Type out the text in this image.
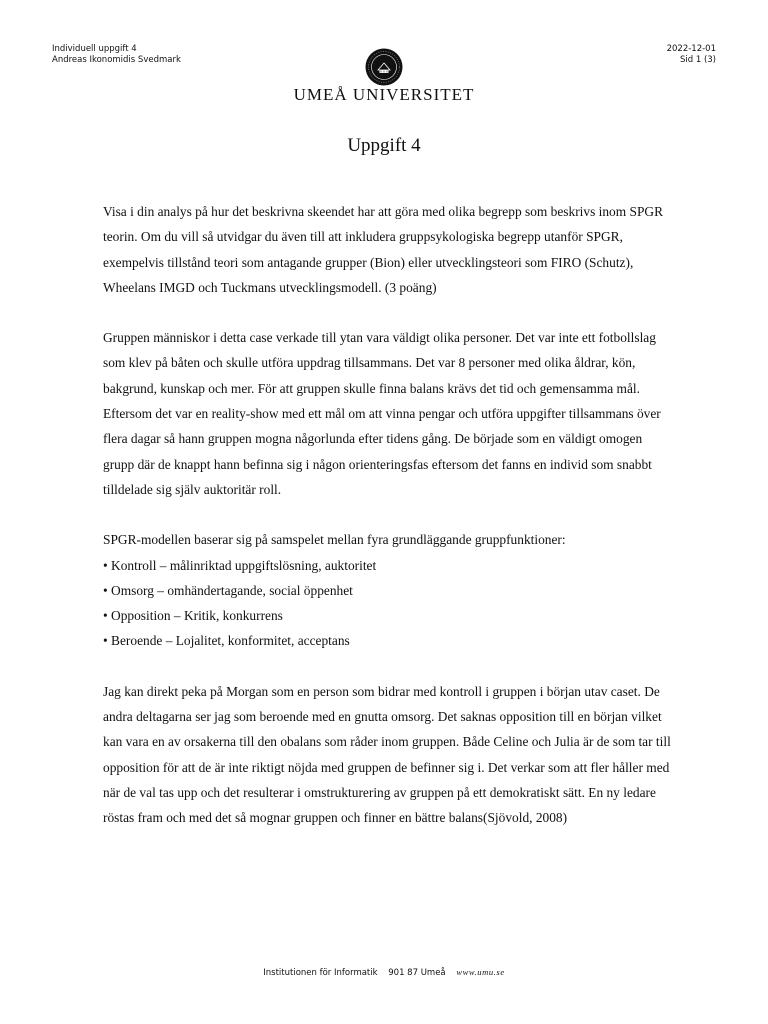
Individuell uppgift 4
Andreas Ikonomidis Svedmark
2022-12-01
Sid 1 (3)
UMEÅ UNIVERSITET
Uppgift 4

Visa i din analys på hur det beskrivna skeendet har att göra med olika begrepp som beskrivs inom SPGR teorin. Om du vill så utvidgar du även till att inkludera gruppsykologiska begrepp utanför SPGR, exempelvis tillstånd teori som antagande grupper (Bion) eller utvecklingsteori som FIRO (Schutz), Wheelans IMGD och Tuckmans utvecklingsmodell. (3 poäng)

Gruppen människor i detta case verkade till ytan vara väldigt olika personer. Det var inte ett fotbollslag som klev på båten och skulle utföra uppdrag tillsammans. Det var 8 personer med olika åldrar, kön, bakgrund, kunskap och mer. För att gruppen skulle finna balans krävs det tid och gemensamma mål. Eftersom det var en reality-show med ett mål om att vinna pengar och utföra uppgifter tillsammans över flera dagar så hann gruppen mogna någorlunda efter tidens gång. De började som en väldigt omogen grupp där de knappt hann befinna sig i någon orienteringsfas eftersom det fanns en individ som snabbt tilldelade sig själv auktoritär roll.

SPGR-modellen baserar sig på samspelet mellan fyra grundläggande gruppfunktioner:

• Kontroll – målinriktad uppgiftslösning, auktoritet
• Omsorg – omhändertagande, social öppenhet
• Opposition – Kritik, konkurrens
• Beroende – Lojalitet, konformitet, acceptans

Jag kan direkt peka på Morgan som en person som bidrar med kontroll i gruppen i början utav caset. De andra deltagarna ser jag som beroende med en gnutta omsorg. Det saknas opposition till en början vilket kan vara en av orsakerna till den obalans som råder inom gruppen. Både Celine och Julia är de som tar till opposition för att de är inte riktigt nöjda med gruppen de befinner sig i. Det verkar som att fler håller med när de val tas upp och det resulterar i omstrukturering av gruppen på ett demokratiskt sätt. En ny ledare röstas fram och med det så mognar gruppen och finner en bättre balans(Sjövold, 2008)

Institutionen för Informatik 901 87 Umeå www.umu.se
